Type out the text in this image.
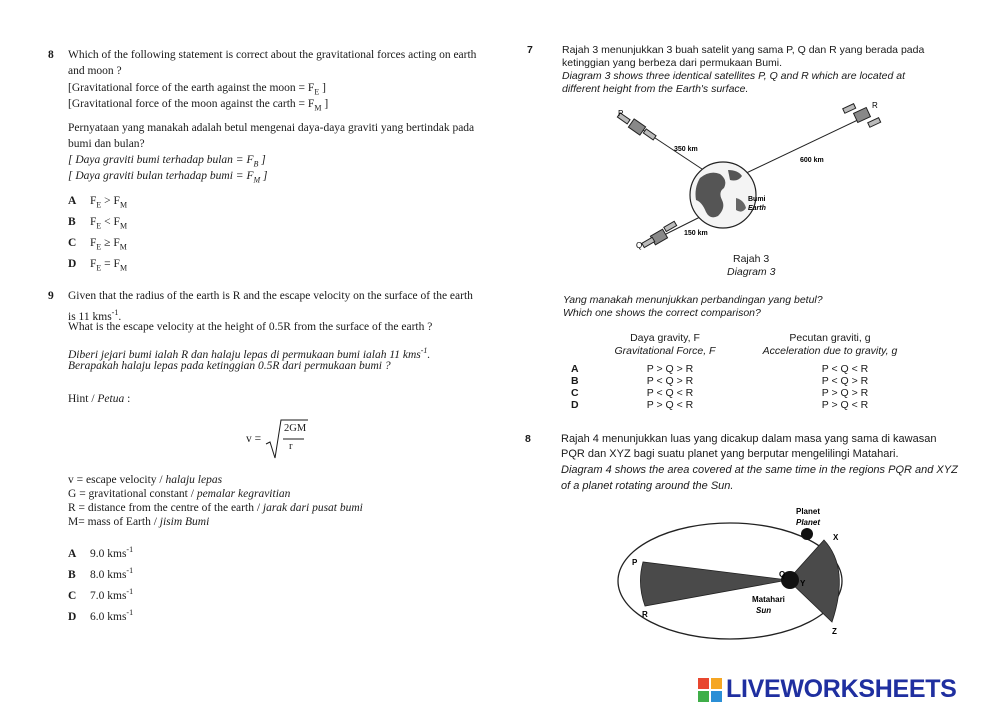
8 Which of the following statement is correct about the gravitational forces acting on earth
and moon ?
[Gravitational force of the earth against the moon = $F_E$ ]
[Gravitational force of the moon against the carth = $F_M$ ]
Pernyataan yang manakah adalah betul mengenai daya-daya graviti yang bertindak pada
bumi dan bulan?
[ Daya graviti bumi terhadap bulan = $F_B$ ]
[ Daya graviti bulan terhadap bumi = $F_M$ ]
A $F_E > F_M$
B $F_E < F_M$
C $F_E \ge F_M$
D $F_E = F_M$
9 Given that the radius of the earth is R and the escape velocity on the surface of the earth
is 11 kms$^{-1}$.
What is the escape velocity at the height of 0.5R from the surface of the earth ?
Diberi jejari bumi ialah R dan halaju lepas di permukaan bumi ialah 11 kms$^{-1}$.
Berapakah halaju lepas pada ketinggian 0.5R dari permukaan bumi ?
Hint / Petua :
v =
2GM
r
v = escape velocity / halaju lepas
G = gravitational constant / pemalar kegravitian
R = distance from the centre of the earth / jarak dari pusat bumi
M= mass of Earth / jisim Bumi
A 9.0 kms$^{-1}$
B 8.0 kms$^{-1}$
C 7.0 kms$^{-1}$
D 6.0 kms$^{-1}$
7	Rajah 3 menunjukkan 3 buah satelit yang sama P, Q dan R yang berada pada
ketinggian yang berbeza dari permukaan Bumi.
Diagram 3 shows three identical satellites P, Q and R which are located at
different height from the Earth's surface.
P
R
Q
350 km
600 km
150 km
Bumi
Earth
Rajah 3
Diagram 3
Yang manakah menunjukkan perbandingan yang betul?
Which one shows the correct comparison?
Daya gravity, F
Gravitational Force, F
Pecutan graviti, g
Acceleration due to gravity, g
A	P > Q > R	P < Q < R
B	P < Q > R	P < Q > R
C	P < Q < R	P > Q > R
D	P > Q < R	P > Q < R
8	Rajah 4 menunjukkan luas yang dicakup dalam masa yang sama di kawasan
PQR dan XYZ bagi suatu planet yang berputar mengelilingi Matahari.
Diagram 4 shows the area covered at the same time in the regions PQR and XYZ
of a planet rotating around the Sun.
Planet
Planet
P
Q
R
X
Y
Z
Matahari
Sun
LIVEWORKSHEETS
